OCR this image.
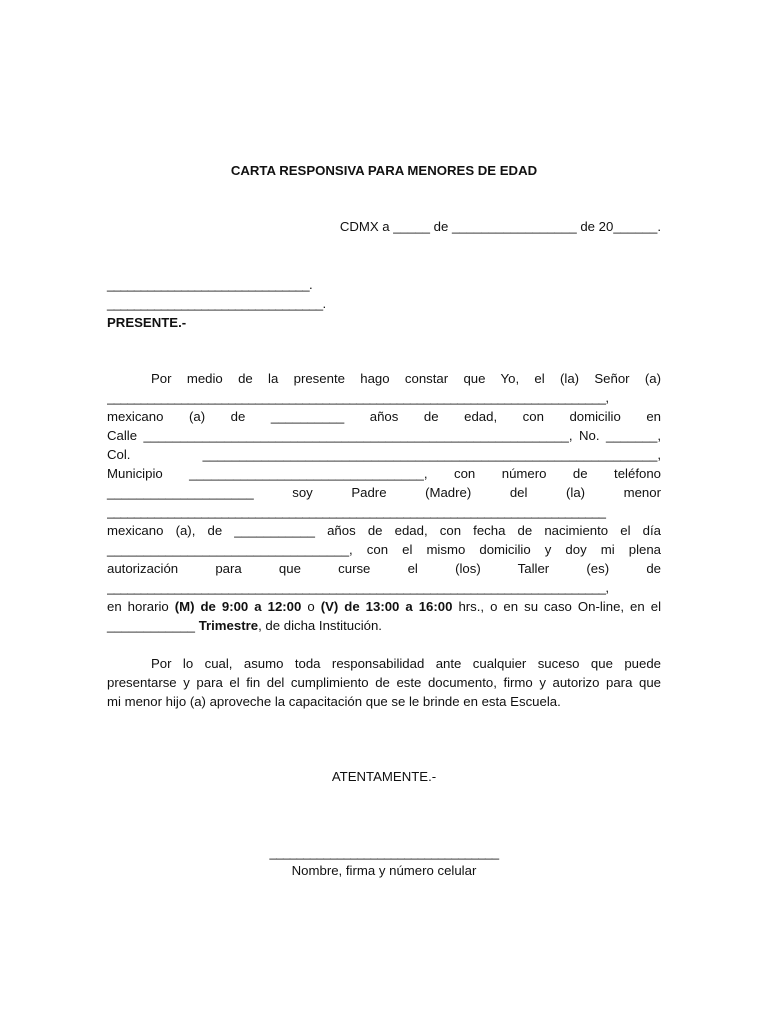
CARTA RESPONSIVA PARA MENORES DE EDAD
CDMX a _____ de _________________ de 20______.
______________________________.
________________________________.
PRESENTE.-
Por medio de la presente hago constar que Yo, el (la) Señor (a)
__________________________________________________________________________,
mexicano (a) de __________ años de edad, con domicilio en
Calle __________________________________________________________, No. _______,
Col.	______________________________________________________________,
Municipio ________________________________, con número de teléfono
____________________ soy Padre (Madre) del (la) menor
__________________________________________________________________________
mexicano (a), de ___________ años de edad, con fecha de nacimiento el día
_________________________________, con el mismo domicilio y doy mi plena
autorización para que curse el (los) Taller (es) de
__________________________________________________________________________,
en horario (M) de 9:00 a 12:00 o (V) de 13:00 a 16:00 hrs., o en su caso On-line, en el
____________ Trimestre, de dicha Institución.
Por lo cual, asumo toda responsabilidad ante cualquier suceso que puede
presentarse y para el fin del cumplimiento de este documento, firmo y autorizo para que
mi menor hijo (a) aproveche la capacitación que se le brinde en esta Escuela.
ATENTAMENTE.-
__________________________________
Nombre, firma y número celular
